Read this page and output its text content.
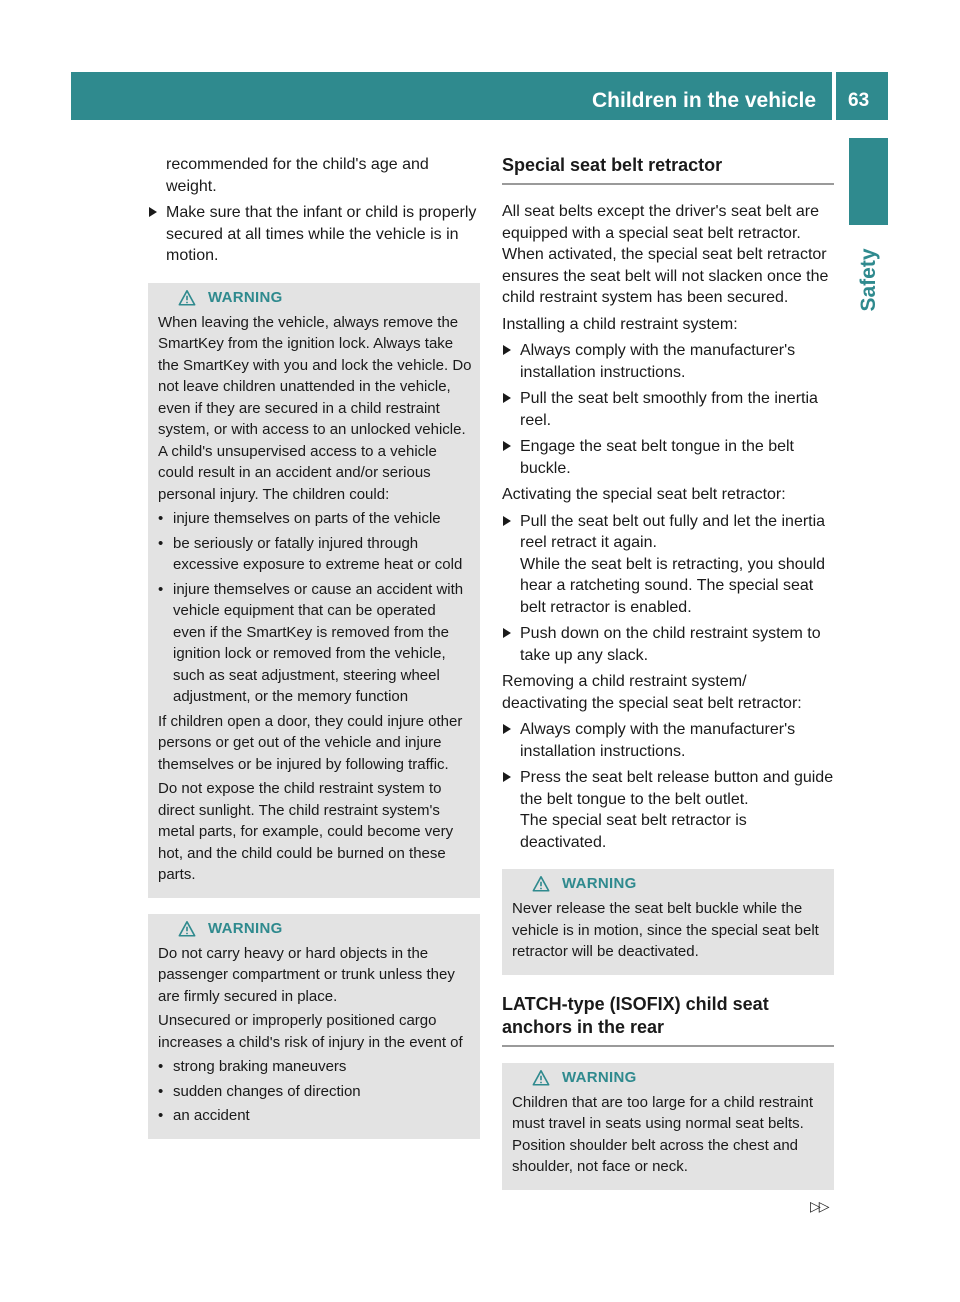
Children in the vehicle 63
Safety

recommended for the child's age and weight.

Make sure that the infant or child is properly secured at all times while the vehicle is in motion.
WARNING

When leaving the vehicle, always remove the SmartKey from the ignition lock. Always take the SmartKey with you and lock the vehicle. Do not leave children unattended in the vehicle, even if they are secured in a child restraint system, or with access to an unlocked vehicle. A child's unsupervised access to a vehicle could result in an accident and/or serious personal injury. The children could:

• injure themselves on parts of the vehicle
• be seriously or fatally injured through excessive exposure to extreme heat or cold
• injure themselves or cause an accident with vehicle equipment that can be operated even if the SmartKey is removed from the ignition lock or removed from the vehicle, such as seat adjustment, steering wheel adjustment, or the memory function

If children open a door, they could injure other persons or get out of the vehicle and injure themselves or be injured by following traffic.

Do not expose the child restraint system to direct sunlight. The child restraint system's metal parts, for example, could become very hot, and the child could be burned on these parts.

WARNING

Do not carry heavy or hard objects in the passenger compartment or trunk unless they are firmly secured in place.

Unsecured or improperly positioned cargo increases a child's risk of injury in the event of

• strong braking maneuvers
• sudden changes of direction
• an accident
Special seat belt retractor

All seat belts except the driver's seat belt are equipped with a special seat belt retractor. When activated, the special seat belt retractor ensures the seat belt will not slacken once the child restraint system has been secured.

Installing a child restraint system:

Always comply with the manufacturer's installation instructions.
Pull the seat belt smoothly from the inertia reel.
Engage the seat belt tongue in the belt buckle.

Activating the special seat belt retractor:

Pull the seat belt out fully and let the inertia reel retract it again.
While the seat belt is retracting, you should hear a ratcheting sound. The special seat belt retractor is enabled.
Push down on the child restraint system to take up any slack.

Removing a child restraint system/ deactivating the special seat belt retractor:

Always comply with the manufacturer's installation instructions.
Press the seat belt release button and guide the belt tongue to the belt outlet.
The special seat belt retractor is deactivated.
WARNING

Never release the seat belt buckle while the vehicle is in motion, since the special seat belt retractor will be deactivated.

LATCH-type (ISOFIX) child seat anchors in the rear
WARNING

Children that are too large for a child restraint must travel in seats using normal seat belts. Position shoulder belt across the chest and shoulder, not face or neck.

▷▷
